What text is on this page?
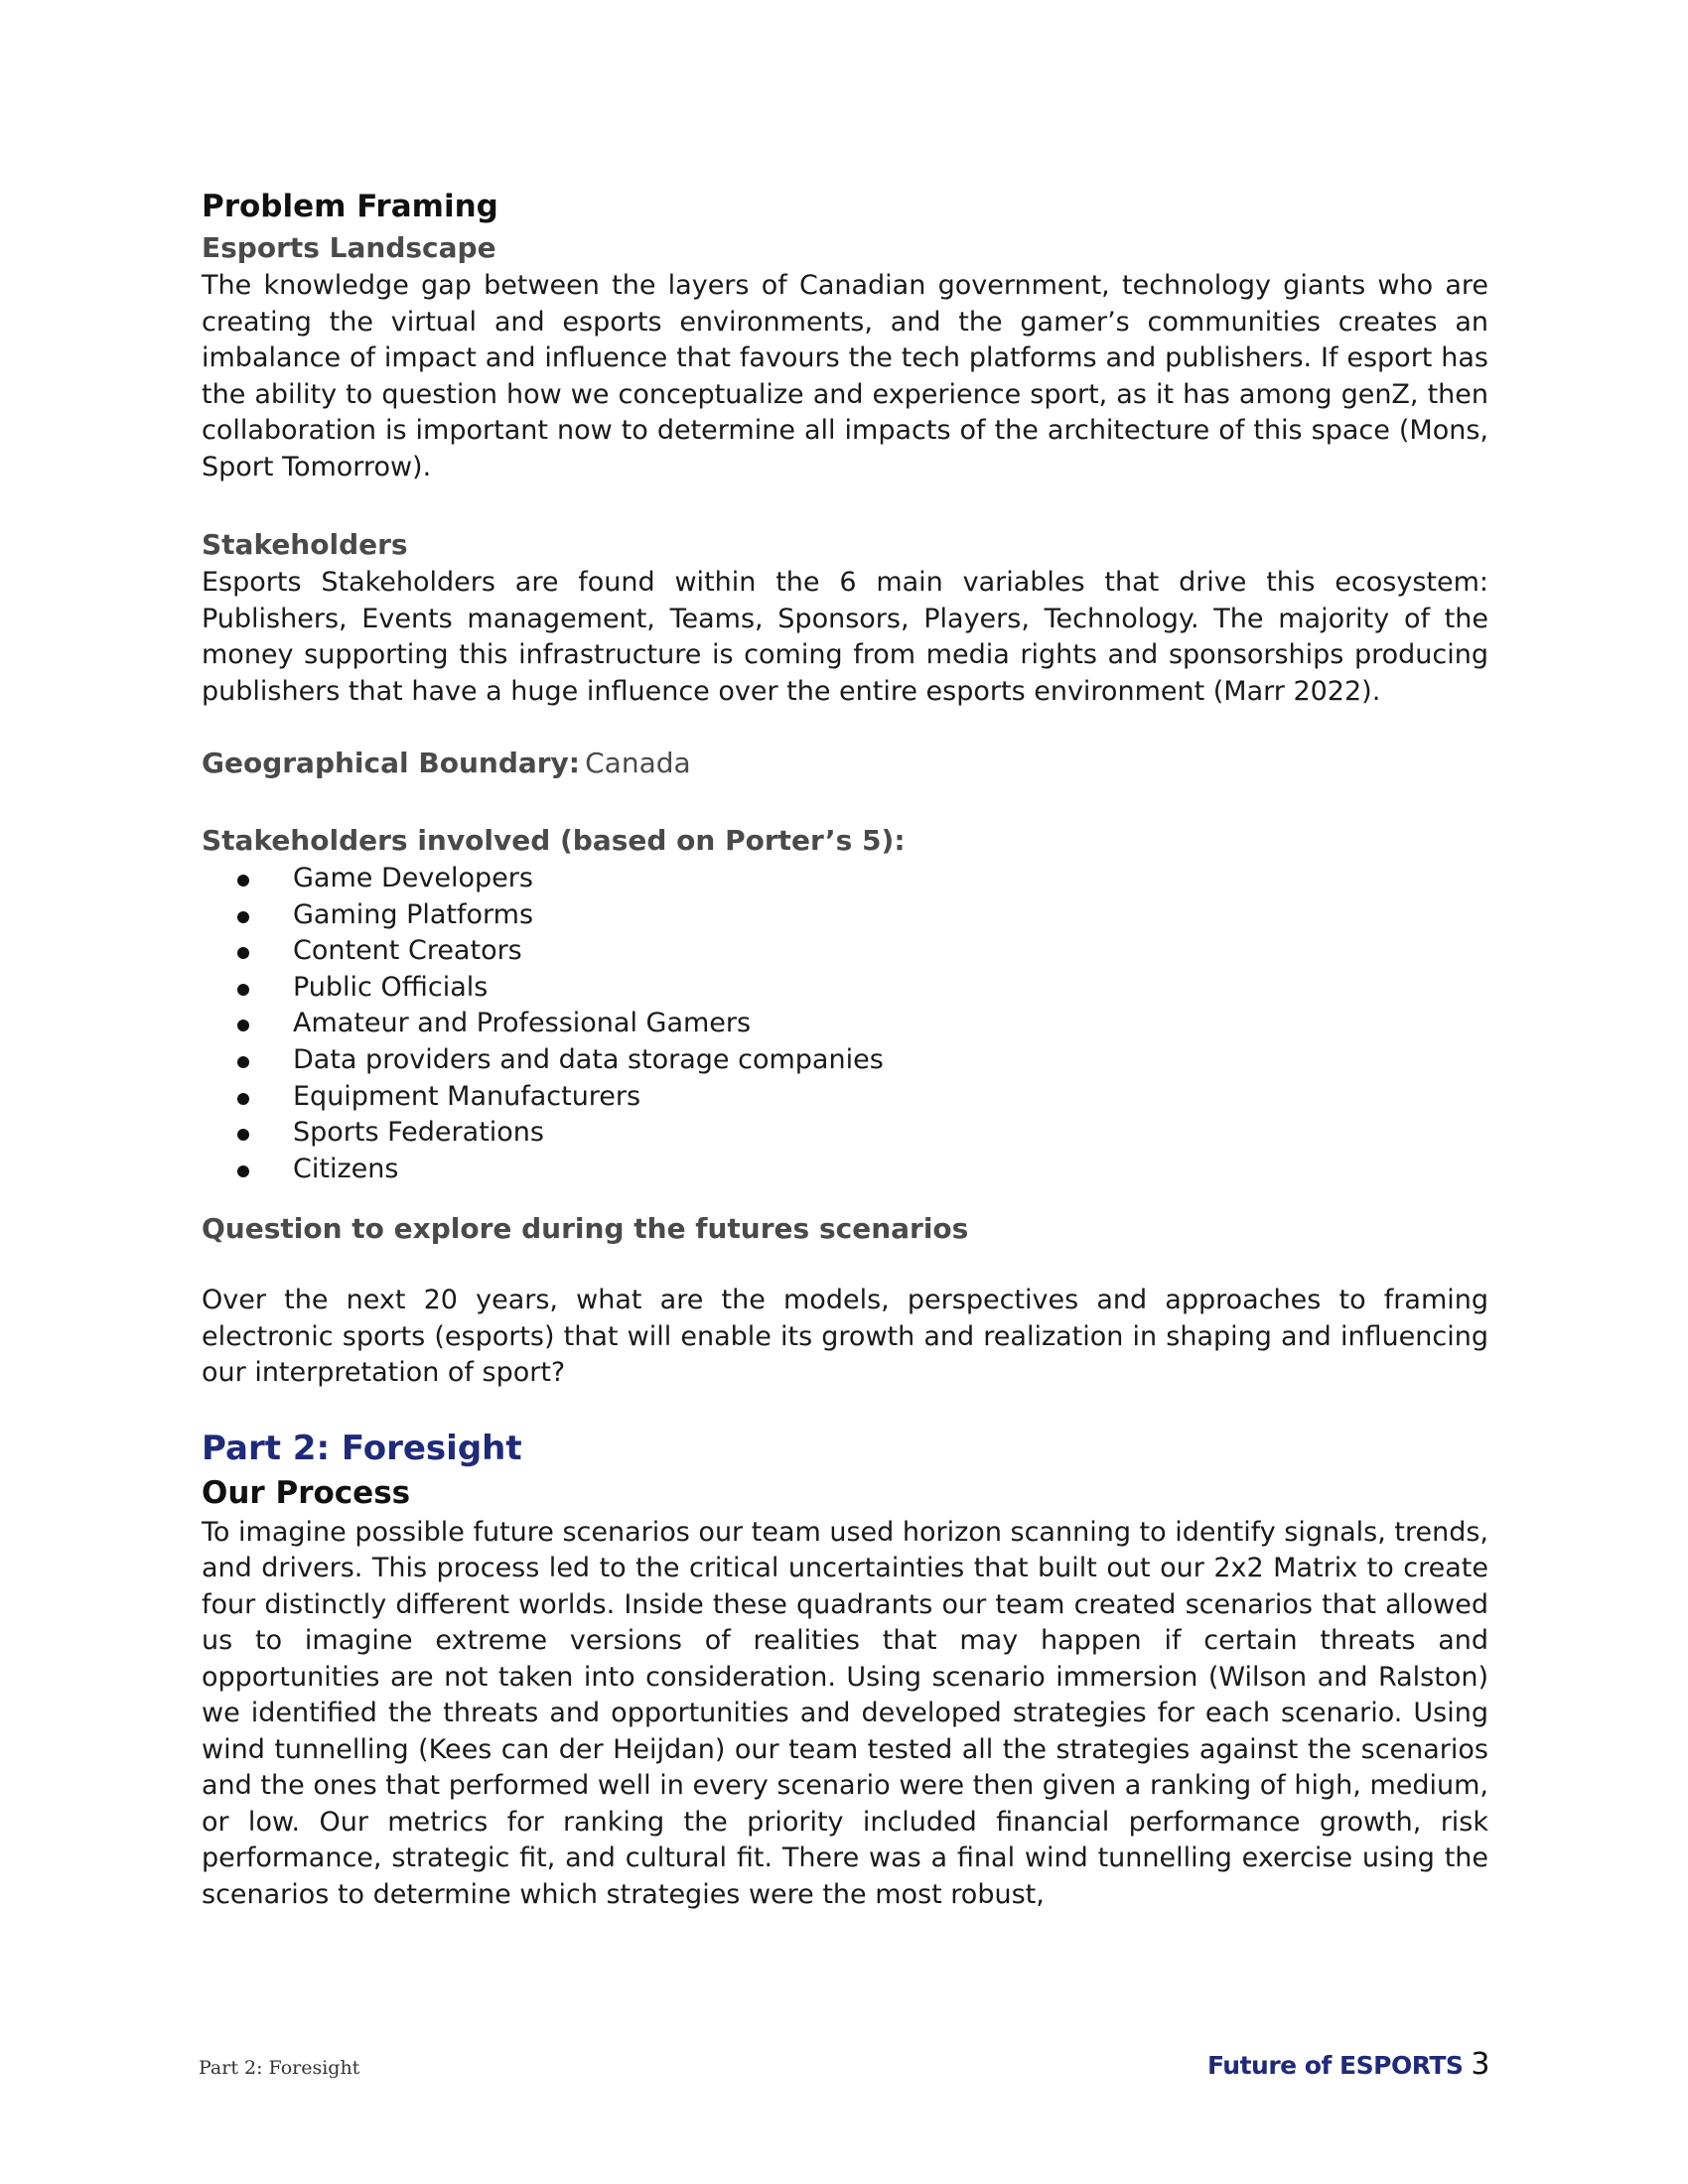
Problem Framing
Esports Landscape

The knowledge gap between the layers of Canadian government, technology giants who are creating the virtual and esports environments, and the gamer’s communities creates an imbalance of impact and influence that favours the tech platforms and publishers. If esport has the ability to question how we conceptualize and experience sport, as it has among genZ, then collaboration is important now to determine all impacts of the architecture of this space (Mons, Sport Tomorrow).

Stakeholders

Esports Stakeholders are found within the 6 main variables that drive this ecosystem: Publishers, Events management, Teams, Sponsors, Players, Technology. The majority of the money supporting this infrastructure is coming from media rights and sponsorships producing publishers that have a huge influence over the entire esports environment (Marr 2022).

Geographical Boundary: Canada

Stakeholders involved (based on Porter’s 5):
Game Developers
Gaming Platforms
Content Creators
Public Officials
Amateur and Professional Gamers
Data providers and data storage companies
Equipment Manufacturers
Sports Federations
Citizens
Question to explore during the futures scenarios

Over the next 20 years, what are the models, perspectives and approaches to framing electronic sports (esports) that will enable its growth and realization in shaping and influencing our interpretation of sport?

Part 2: Foresight
Our Process

To imagine possible future scenarios our team used horizon scanning to identify signals, trends, and drivers. This process led to the critical uncertainties that built out our 2x2 Matrix to create four distinctly different worlds. Inside these quadrants our team created scenarios that allowed us to imagine extreme versions of realities that may happen if certain threats and opportunities are not taken into consideration. Using scenario immersion (Wilson and Ralston) we identified the threats and opportunities and developed strategies for each scenario. Using wind tunnelling (Kees can der Heijdan) our team tested all the strategies against the scenarios and the ones that performed well in every scenario were then given a ranking of high, medium, or low. Our metrics for ranking the priority included financial performance growth, risk performance, strategic fit, and cultural fit. There was a final wind tunnelling exercise using the scenarios to determine which strategies were the most robust,

Part 2: Foresight	Future of ESPORTS 3
